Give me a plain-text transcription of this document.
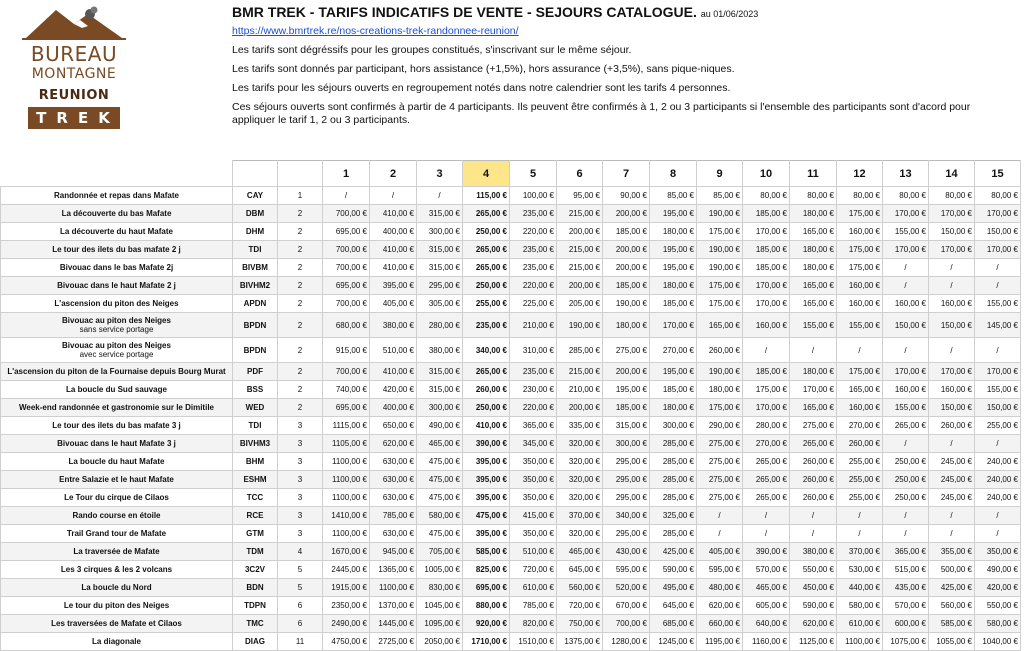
BUREAU
MONTAGNE
REUNION
TREK
BMR TREK - TARIFS INDICATIFS DE VENTE - SEJOURS CATALOGUE. au 01/06/2023
https://www.bmrtrek.re/nos-creations-trek-randonnee-reunion/

Les tarifs sont dégréssifs pour les groupes constitués, s'inscrivant sur le même séjour.

Les tarifs sont donnés par participant, hors assistance (+1,5%), hors assurance (+3,5%), sans pique-niques.

Les tarifs pour les séjours ouverts en regroupement notés dans notre calendrier sont les tarifs 4 personnes.

Ces séjours ouverts sont confirmés à partir de 4 participants. Ils peuvent être confirmés à 1, 2 ou 3 participants si l'ensemble des participants sont d'acord pour appliquer le tarif 1, 2 ou 3 participants.

			1	2	3	4	5	6	7	8	9	10	11	12	13	14	15
Randonnée et repas dans Mafate	CAY	1	/	/	/	115,00 €	100,00 €	95,00 €	90,00 €	85,00 €	85,00 €	80,00 €	80,00 €	80,00 €	80,00 €	80,00 €	80,00 €
La découverte du bas Mafate	DBM	2	700,00 €	410,00 €	315,00 €	265,00 €	235,00 €	215,00 €	200,00 €	195,00 €	190,00 €	185,00 €	180,00 €	175,00 €	170,00 €	170,00 €	170,00 €
La découverte du haut Mafate	DHM	2	695,00 €	400,00 €	300,00 €	250,00 €	220,00 €	200,00 €	185,00 €	180,00 €	175,00 €	170,00 €	165,00 €	160,00 €	155,00 €	150,00 €	150,00 €
Le tour des ilets du bas mafate 2 j	TDI	2	700,00 €	410,00 €	315,00 €	265,00 €	235,00 €	215,00 €	200,00 €	195,00 €	190,00 €	185,00 €	180,00 €	175,00 €	170,00 €	170,00 €	170,00 €
Bivouac dans le bas Mafate 2j	BIVBM	2	700,00 €	410,00 €	315,00 €	265,00 €	235,00 €	215,00 €	200,00 €	195,00 €	190,00 €	185,00 €	180,00 €	175,00 €	/	/	/
Bivouac dans le haut Mafate 2 j	BIVHM2	2	695,00 €	395,00 €	295,00 €	250,00 €	220,00 €	200,00 €	185,00 €	180,00 €	175,00 €	170,00 €	165,00 €	160,00 €	/	/	/
L'ascension du piton des Neiges	APDN	2	700,00 €	405,00 €	305,00 €	255,00 €	225,00 €	205,00 €	190,00 €	185,00 €	175,00 €	170,00 €	165,00 €	160,00 €	160,00 €	160,00 €	155,00 €
Bivouac au piton des Neiges
sans service portage	BPDN	2	680,00 €	380,00 €	280,00 €	235,00 €	210,00 €	190,00 €	180,00 €	170,00 €	165,00 €	160,00 €	155,00 €	155,00 €	150,00 €	150,00 €	145,00 €
Bivouac au piton des Neiges
avec service portage	BPDN	2	915,00 €	510,00 €	380,00 €	340,00 €	310,00 €	285,00 €	275,00 €	270,00 €	260,00 €	/	/	/	/	/	/
L'ascension du piton de la Fournaise depuis Bourg Murat	PDF	2	700,00 €	410,00 €	315,00 €	265,00 €	235,00 €	215,00 €	200,00 €	195,00 €	190,00 €	185,00 €	180,00 €	175,00 €	170,00 €	170,00 €	170,00 €
La boucle du Sud sauvage	BSS	2	740,00 €	420,00 €	315,00 €	260,00 €	230,00 €	210,00 €	195,00 €	185,00 €	180,00 €	175,00 €	170,00 €	165,00 €	160,00 €	160,00 €	155,00 €
Week-end randonnée et gastronomie sur le Dimitile	WED	2	695,00 €	400,00 €	300,00 €	250,00 €	220,00 €	200,00 €	185,00 €	180,00 €	175,00 €	170,00 €	165,00 €	160,00 €	155,00 €	150,00 €	150,00 €
Le tour des ilets du bas mafate 3 j	TDI	3	1115,00 €	650,00 €	490,00 €	410,00 €	365,00 €	335,00 €	315,00 €	300,00 €	290,00 €	280,00 €	275,00 €	270,00 €	265,00 €	260,00 €	255,00 €
Bivouac dans le haut Mafate 3 j	BIVHM3	3	1105,00 €	620,00 €	465,00 €	390,00 €	345,00 €	320,00 €	300,00 €	285,00 €	275,00 €	270,00 €	265,00 €	260,00 €	/	/	/
La boucle du haut Mafate	BHM	3	1100,00 €	630,00 €	475,00 €	395,00 €	350,00 €	320,00 €	295,00 €	285,00 €	275,00 €	265,00 €	260,00 €	255,00 €	250,00 €	245,00 €	240,00 €
Entre Salazie et le haut Mafate	ESHM	3	1100,00 €	630,00 €	475,00 €	395,00 €	350,00 €	320,00 €	295,00 €	285,00 €	275,00 €	265,00 €	260,00 €	255,00 €	250,00 €	245,00 €	240,00 €
Le Tour du cirque de Cilaos	TCC	3	1100,00 €	630,00 €	475,00 €	395,00 €	350,00 €	320,00 €	295,00 €	285,00 €	275,00 €	265,00 €	260,00 €	255,00 €	250,00 €	245,00 €	240,00 €
Rando course en étoile	RCE	3	1410,00 €	785,00 €	580,00 €	475,00 €	415,00 €	370,00 €	340,00 €	325,00 €	/	/	/	/	/	/	/
Trail Grand tour de Mafate	GTM	3	1100,00 €	630,00 €	475,00 €	395,00 €	350,00 €	320,00 €	295,00 €	285,00 €	/	/	/	/	/	/	/
La traversée de Mafate	TDM	4	1670,00 €	945,00 €	705,00 €	585,00 €	510,00 €	465,00 €	430,00 €	425,00 €	405,00 €	390,00 €	380,00 €	370,00 €	365,00 €	355,00 €	350,00 €
Les 3 cirques & les 2 volcans	3C2V	5	2445,00 €	1365,00 €	1005,00 €	825,00 €	720,00 €	645,00 €	595,00 €	590,00 €	595,00 €	570,00 €	550,00 €	530,00 €	515,00 €	500,00 €	490,00 €
La boucle du Nord	BDN	5	1915,00 €	1100,00 €	830,00 €	695,00 €	610,00 €	560,00 €	520,00 €	495,00 €	480,00 €	465,00 €	450,00 €	440,00 €	435,00 €	425,00 €	420,00 €
Le tour du piton des Neiges	TDPN	6	2350,00 €	1370,00 €	1045,00 €	880,00 €	785,00 €	720,00 €	670,00 €	645,00 €	620,00 €	605,00 €	590,00 €	580,00 €	570,00 €	560,00 €	550,00 €
Les traversées de Mafate et Cilaos	TMC	6	2490,00 €	1445,00 €	1095,00 €	920,00 €	820,00 €	750,00 €	700,00 €	685,00 €	660,00 €	640,00 €	620,00 €	610,00 €	600,00 €	585,00 €	580,00 €
La diagonale	DIAG	11	4750,00 €	2725,00 €	2050,00 €	1710,00 €	1510,00 €	1375,00 €	1280,00 €	1245,00 €	1195,00 €	1160,00 €	1125,00 €	1100,00 €	1075,00 €	1055,00 €	1040,00 €
